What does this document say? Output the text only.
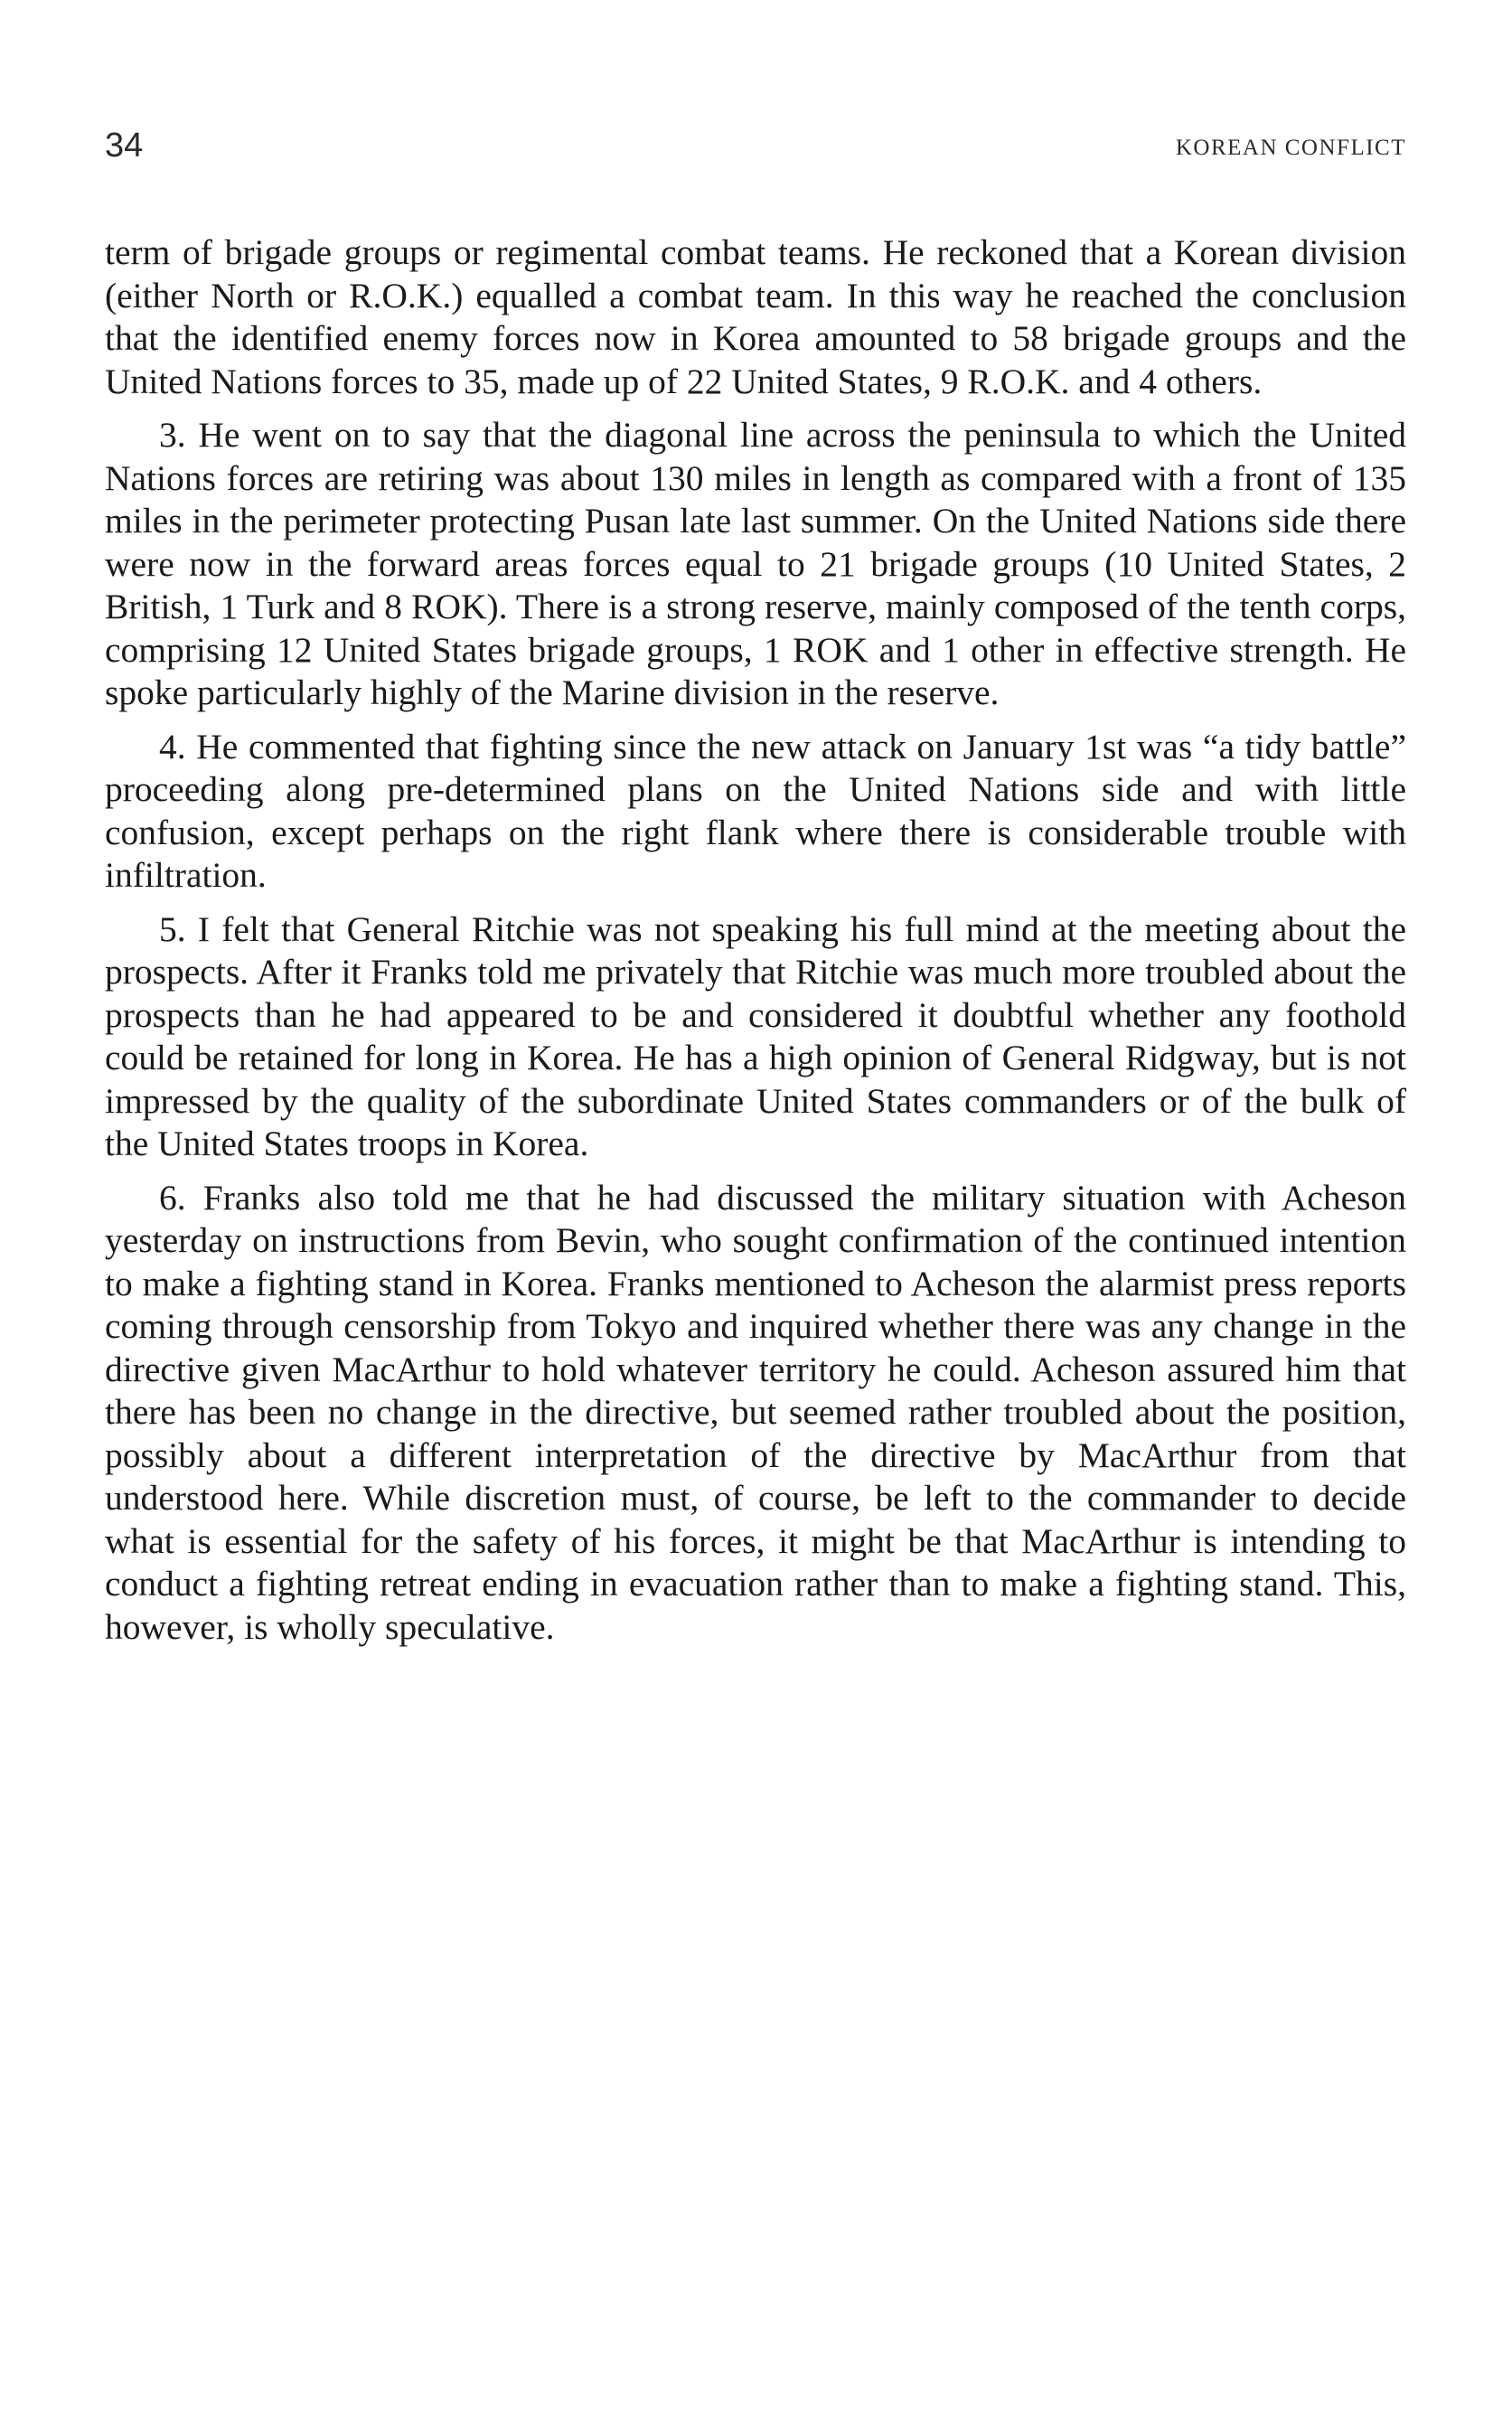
34	KOREAN CONFLICT

term of brigade groups or regimental combat teams. He reckoned that a Korean division (either North or R.O.K.) equalled a combat team. In this way he reached the conclusion that the identified enemy forces now in Korea amounted to 58 brigade groups and the United Nations forces to 35, made up of 22 United States, 9 R.O.K. and 4 others.

3. He went on to say that the diagonal line across the peninsula to which the United Nations forces are retiring was about 130 miles in length as compared with a front of 135 miles in the perimeter protecting Pusan late last summer. On the United Nations side there were now in the forward areas forces equal to 21 brigade groups (10 United States, 2 British, 1 Turk and 8 ROK). There is a strong reserve, mainly composed of the tenth corps, comprising 12 United States brigade groups, 1 ROK and 1 other in effective strength. He spoke particularly highly of the Marine division in the reserve.

4. He commented that fighting since the new attack on January 1st was “a tidy battle” proceeding along pre-determined plans on the United Nations side and with little confusion, except perhaps on the right flank where there is considerable trouble with infiltration.

5. I felt that General Ritchie was not speaking his full mind at the meeting about the prospects. After it Franks told me privately that Ritchie was much more troubled about the prospects than he had appeared to be and considered it doubtful whether any foothold could be retained for long in Korea. He has a high opinion of General Ridgway, but is not impressed by the quality of the subordinate United States commanders or of the bulk of the United States troops in Korea.

6. Franks also told me that he had discussed the military situation with Acheson yesterday on instructions from Bevin, who sought confirmation of the continued intention to make a fighting stand in Korea. Franks mentioned to Acheson the alarmist press reports coming through censorship from Tokyo and inquired whether there was any change in the directive given MacArthur to hold whatever territory he could. Acheson assured him that there has been no change in the directive, but seemed rather troubled about the position, possibly about a different interpretation of the directive by MacArthur from that understood here. While discretion must, of course, be left to the commander to decide what is essential for the safety of his forces, it might be that MacArthur is intending to conduct a fighting retreat ending in evacuation rather than to make a fighting stand. This, however, is wholly speculative.
